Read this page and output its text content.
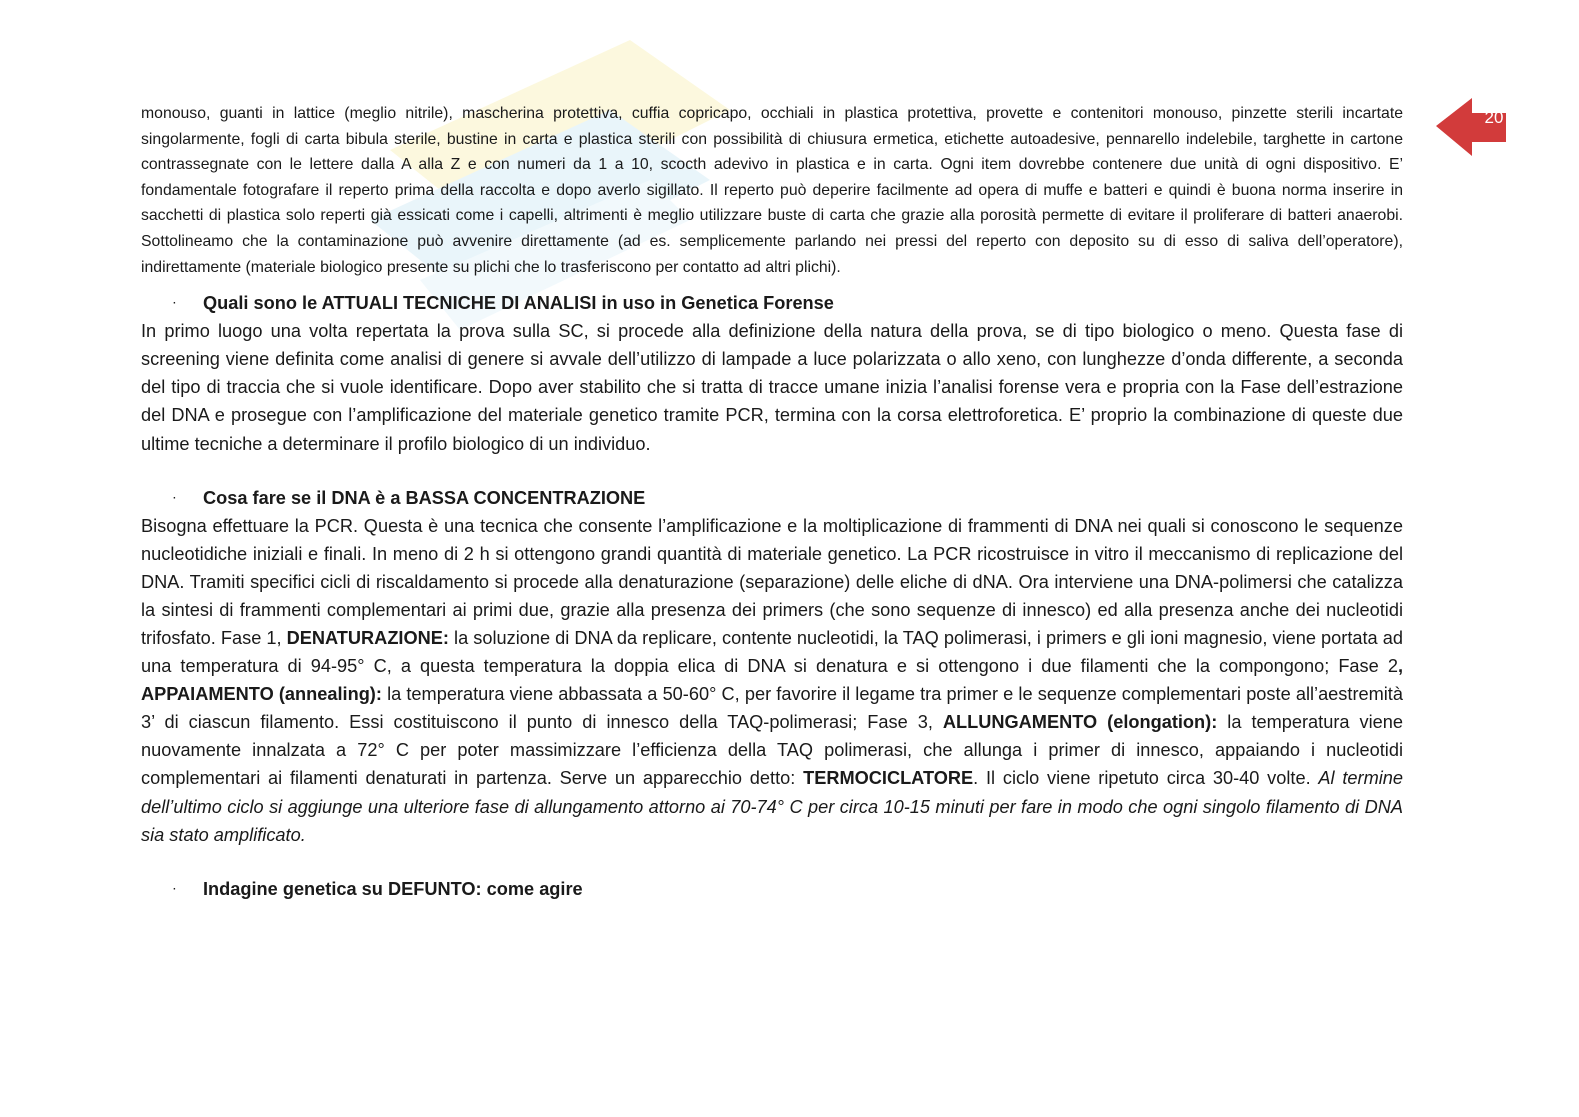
20

monouso, guanti in lattice (meglio nitrile), mascherina protettiva, cuffia copricapo, occhiali in plastica protettiva, provette e contenitori monouso, pinzette sterili incartate singolarmente, fogli di carta bibula sterile, bustine in carta e plastica sterili con possibilità di chiusura ermetica, etichette autoadesive, pennarello indelebile, targhette in cartone contrassegnate con le lettere dalla A alla Z e con numeri da 1 a 10, scocth adevivo in plastica e in carta. Ogni item dovrebbe contenere due unità di ogni dispositivo. E’ fondamentale fotografare il reperto prima della raccolta e dopo averlo sigillato. Il reperto può deperire facilmente ad opera di muffe e batteri e quindi è buona norma inserire in sacchetti di plastica solo reperti già essicati come i capelli, altrimenti è meglio utilizzare buste di carta che grazie alla porosità permette di evitare il proliferare di batteri anaerobi. Sottolineamo che la contaminazione può avvenire direttamente (ad es. semplicemente parlando nei pressi del reperto con deposito su di esso di saliva dell’operatore), indirettamente (materiale biologico presente su plichi che lo trasferiscono per contatto ad altri plichi).

· Quali sono le ATTUALI TECNICHE DI ANALISI in uso in Genetica Forense

In primo luogo una volta repertata la prova sulla SC, si procede alla definizione della natura della prova, se di tipo biologico o meno. Questa fase di screening viene definita come analisi di genere si avvale dell’utilizzo di lampade a luce polarizzata o allo xeno, con lunghezze d’onda differente, a seconda del tipo di traccia che si vuole identificare. Dopo aver stabilito che si tratta di tracce umane inizia l’analisi forense vera e propria con la Fase dell’estrazione del DNA e prosegue con l’amplificazione del materiale genetico tramite PCR, termina con la corsa elettroforetica. E’ proprio la combinazione di queste due ultime tecniche a determinare il profilo biologico di un individuo.

· Cosa fare se il DNA è a BASSA CONCENTRAZIONE

Bisogna effettuare la PCR. Questa è una tecnica che consente l’amplificazione e la moltiplicazione di frammenti di DNA nei quali si conoscono le sequenze nucleotidiche iniziali e finali. In meno di 2 h si ottengono grandi quantità di materiale genetico. La PCR ricostruisce in vitro il meccanismo di replicazione del DNA. Tramiti specifici cicli di riscaldamento si procede alla denaturazione (separazione) delle eliche di dNA. Ora interviene una DNA-polimersi che catalizza la sintesi di frammenti complementari ai primi due, grazie alla presenza dei primers (che sono sequenze di innesco) ed alla presenza anche dei nucleotidi trifosfato. Fase 1, DENATURAZIONE: la soluzione di DNA da replicare, contente nucleotidi, la TAQ polimerasi, i primers e gli ioni magnesio, viene portata ad una temperatura di 94-95° C, a questa temperatura la doppia elica di DNA si denatura e si ottengono i due filamenti che la compongono; Fase 2, APPAIAMENTO (annealing): la temperatura viene abbassata a 50-60° C, per favorire il legame tra primer e le sequenze complementari poste all’aestremità 3’ di ciascun filamento. Essi costituiscono il punto di innesco della TAQ-polimerasi; Fase 3, ALLUNGAMENTO (elongation): la temperatura viene nuovamente innalzata a 72° C per poter massimizzare l’efficienza della TAQ polimerasi, che allunga i primer di innesco, appaiando i nucleotidi complementari ai filamenti denaturati in partenza. Serve un apparecchio detto: TERMOCICLATORE. Il ciclo viene ripetuto circa 30-40 volte. Al termine dell’ultimo ciclo si aggiunge una ulteriore fase di allungamento attorno ai 70-74° C per circa 10-15 minuti per fare in modo che ogni singolo filamento di DNA sia stato amplificato.

· Indagine genetica su DEFUNTO: come agire
